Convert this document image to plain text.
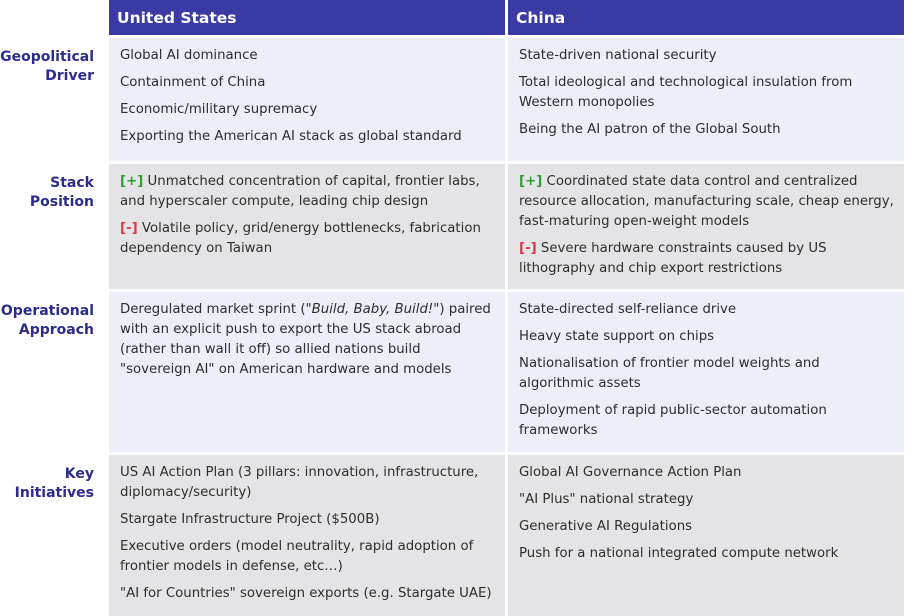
United States	China
Geopolitical Driver

Global AI dominance

Containment of China

Economic/military supremacy

Exporting the American AI stack as global standard

State-driven national security

Total ideological and technological insulation from Western monopolies

Being the AI patron of the Global South

Stack Position

[+] Unmatched concentration of capital, frontier labs, and hyperscaler compute, leading chip design

[-] Volatile policy, grid/energy bottlenecks, fabrication dependency on Taiwan

[+] Coordinated state data control and centralized resource allocation, manufacturing scale, cheap energy, fast-maturing open-weight models

[-] Severe hardware constraints caused by US lithography and chip export restrictions

Operational Approach

Deregulated market sprint ("Build, Baby, Build!") paired with an explicit push to export the US stack abroad (rather than wall it off) so allied nations build "sovereign AI" on American hardware and models

State-directed self-reliance drive

Heavy state support on chips

Nationalisation of frontier model weights and algorithmic assets

Deployment of rapid public-sector automation frameworks

Key Initiatives

US AI Action Plan (3 pillars: innovation, infrastructure, diplomacy/security)

Stargate Infrastructure Project ($500B)

Executive orders (model neutrality, rapid adoption of frontier models in defense, etc…)

"AI for Countries" sovereign exports (e.g. Stargate UAE)

Global AI Governance Action Plan

"AI Plus" national strategy

Generative AI Regulations

Push for a national integrated compute network
